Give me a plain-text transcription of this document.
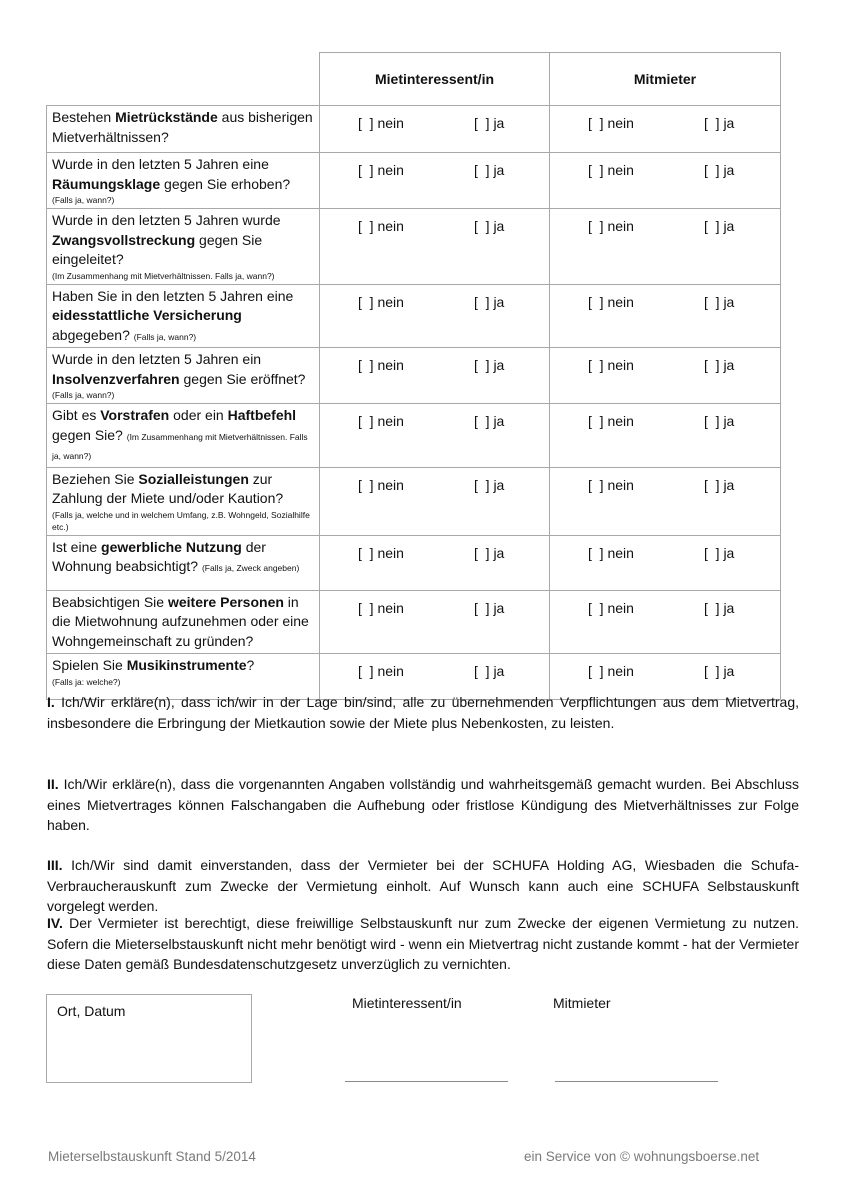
	Mietinteressent/in	Mitmieter
Bestehen Mietrückstände aus bisherigen Mietverhältnissen?	[  ] nein [  ] ja	[  ] nein [  ] ja

Wurde in den letzten 5 Jahren eine Räumungsklage gegen Sie erhoben?
(Falls ja, wann?)	[  ] nein [  ] ja	[  ] nein [  ] ja

Wurde in den letzten 5 Jahren wurde Zwangsvollstreckung gegen Sie eingeleitet?
(Im Zusammenhang mit Mietverhältnissen. Falls ja, wann?)	[  ] nein [  ] ja	[  ] nein [  ] ja

Haben Sie in den letzten 5 Jahren eine eidesstattliche Versicherung abgegeben? (Falls ja, wann?)	[  ] nein [  ] ja	[  ] nein [  ] ja

Wurde in den letzten 5 Jahren ein Insolvenzverfahren gegen Sie eröffnet?
(Falls ja, wann?)	[  ] nein [  ] ja	[  ] nein [  ] ja

Gibt es Vorstrafen oder ein Haftbefehl gegen Sie? (Im Zusammenhang mit Mietverhältnissen. Falls ja, wann?)	[  ] nein [  ] ja	[  ] nein [  ] ja

Beziehen Sie Sozialleistungen zur Zahlung der Miete und/oder Kaution?
(Falls ja, welche und in welchem Umfang, z.B. Wohngeld, Sozialhilfe etc.)	[  ] nein [  ] ja	[  ] nein [  ] ja

Ist eine gewerbliche Nutzung der Wohnung beabsichtigt? (Falls ja, Zweck angeben)	[  ] nein [  ] ja	[  ] nein [  ] ja

Beabsichtigen Sie weitere Personen in die Mietwohnung aufzunehmen oder eine Wohngemeinschaft zu gründen?	[  ] nein [  ] ja	[  ] nein [  ] ja

Spielen Sie Musikinstrumente?
(Falls ja: welche?)	[  ] nein [  ] ja	[  ] nein [  ] ja

I. Ich/Wir erkläre(n), dass ich/wir in der Lage bin/sind, alle zu übernehmenden Verpflichtungen aus dem Mietvertrag, insbesondere die Erbringung der Mietkaution sowie der Miete plus Nebenkosten, zu leisten.

II. Ich/Wir erkläre(n), dass die vorgenannten Angaben vollständig und wahrheitsgemäß gemacht wurden. Bei Abschluss eines Mietvertrages können Falschangaben die Aufhebung oder fristlose Kündigung des Mietverhältnisses zur Folge haben.

III. Ich/Wir sind damit einverstanden, dass der Vermieter bei der SCHUFA Holding AG, Wiesbaden die Schufa-Verbraucherauskunft zum Zwecke der Vermietung einholt. Auf Wunsch kann auch eine SCHUFA Selbstauskunft vorgelegt werden.

IV. Der Vermieter ist berechtigt, diese freiwillige Selbstauskunft nur zum Zwecke der eigenen Vermietung zu nutzen. Sofern die Mieterselbstauskunft nicht mehr benötigt wird - wenn ein Mietvertrag nicht zustande kommt - hat der Vermieter diese Daten gemäß Bundesdatenschutzgesetz unverzüglich zu vernichten.

Ort, Datum	Mietinteressent/in	Mitmieter
Mieterselbstauskunft Stand 5/2014	ein Service von © wohnungsboerse.net
